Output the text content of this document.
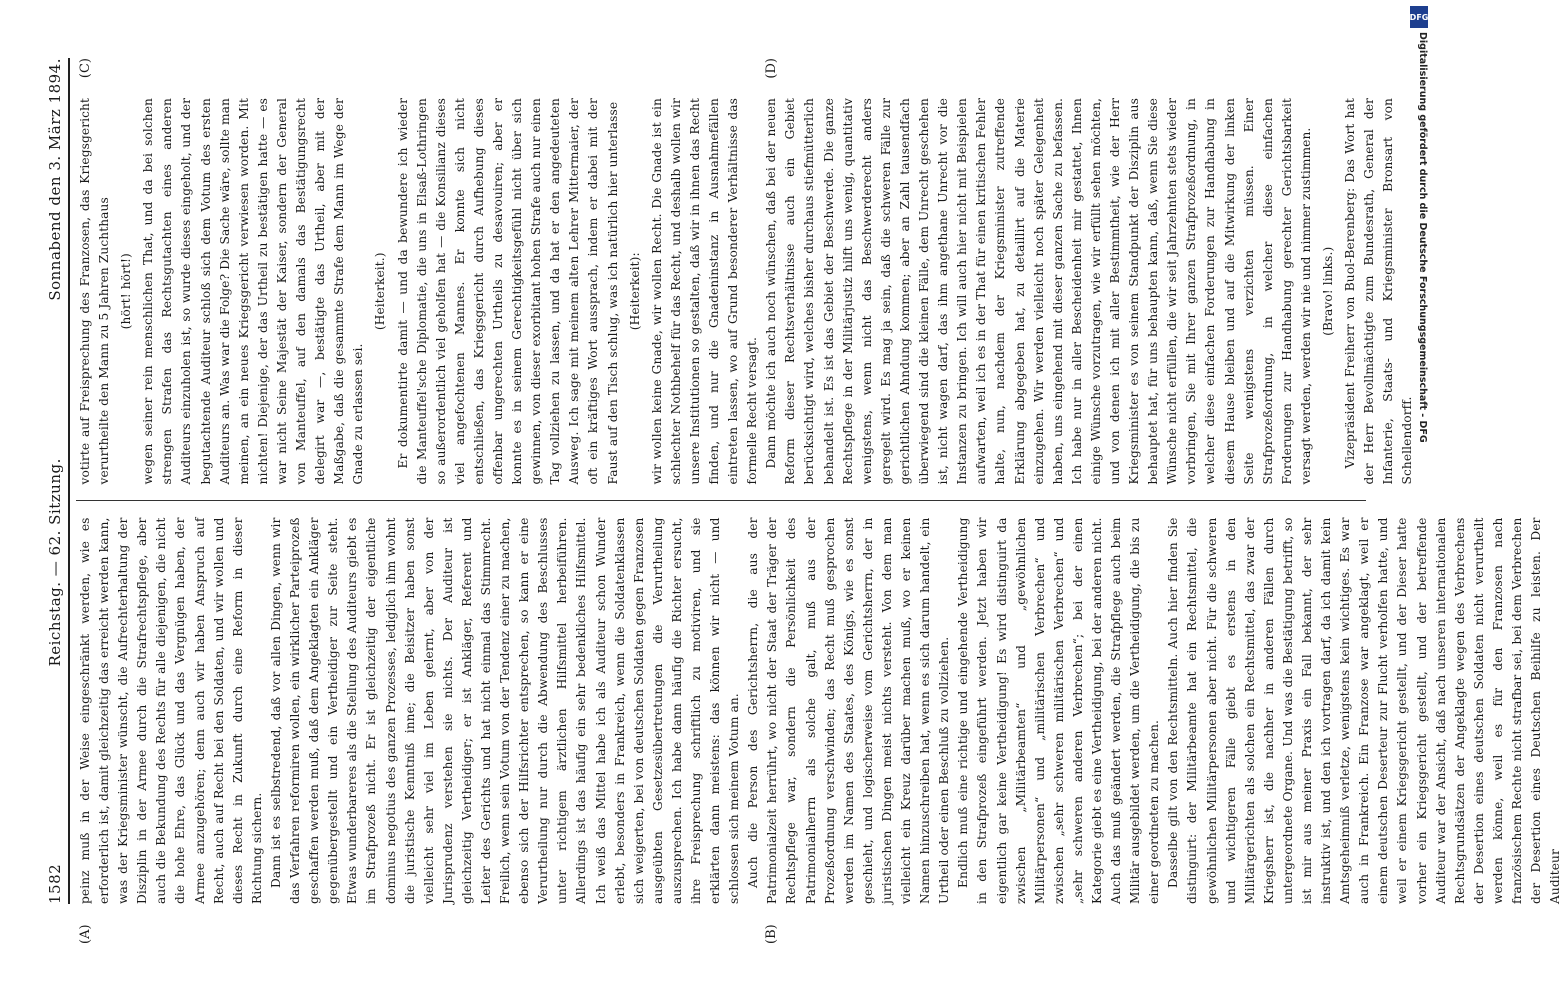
1582
Reichstag. — 62. Sitzung.
Sonnabend den 3. März 1894.
(A)	(B)

peinz muß in der Weise eingeschränkt werden, wie es erforderlich ist, damit gleichzeitig das erreicht werden kann, was der Kriegsminister wünscht, die Aufrechterhaltung der Disziplin in der Armee durch die Strafrechtspflege, aber auch die Bekundung des Rechts für alle diejenigen, die nicht die hohe Ehre, das Glück und das Vergnügen haben, der Armee anzugehören; denn auch wir haben Anspruch auf Recht, auch auf Recht bei den Soldaten, und wir wollen und dieses Recht in Zukunft durch eine Reform in dieser Richtung sichern. Dann ist es selbstredend, daß vor allen Dingen, wenn wir das Verfahren reformiren wollen, ein wirklicher Parteiprozeß geschaffen werden muß, daß dem Angeklagten ein Ankläger gegenübergestellt und ein Vertheidiger zur Seite steht. Etwas wunderbareres als die Stellung des Auditeurs giebt es im Strafprozeß nicht. Er ist gleichzeitig der eigentliche dominus negotius des ganzen Prozesses, lediglich ihm wohnt die juristische Kenntniß inne; die Beisitzer haben sonst vielleicht sehr viel im Leben gelernt, aber von der Jurisprudenz verstehen sie nichts. Der Auditeur ist gleichzeitig Vertheidiger; er ist Ankläger, Referent und Leiter des Gerichts und hat nicht einmal das Stimmrecht. Freilich, wenn sein Votum von der Tendenz einer zu machen, ebenso sich der Hilfsrichter entsprechen, so kann er eine Verurtheilung nur durch die Abwendung des Beschlusses unter richtigem ärztlichen Hilfsmittel herbeiführen. Allerdings ist das häufig ein sehr bedenkliches Hilfsmittel. Ich weiß das Mittel habe ich als Auditeur schon Wunder erlebt, besonders in Frankreich, wenn die Soldatenklassen sich weigerten, bei von deutschen Soldaten gegen Franzosen ausgeübten Gesetzesübertretungen die Verurtheilung auszusprechen. Ich habe dann häufig die Richter ersucht, ihre Freisprechung schriftlich zu motiviren, und sie erklärten dann meistens: das können wir nicht — und schlossen sich meinem Votum an. Auch die Person des Gerichtsherrn, die aus der Patrimonialzeit herrührt, wo nicht der Staat der Träger der Rechtspflege war, sondern die Persönlichkeit des Patrimonialherrn als solche galt, muß aus der Prozeßordnung verschwinden; das Recht muß gesprochen werden im Namen des Staates, des Königs, wie es sonst geschieht, und logischerweise vom Gerichtsherrn, der in juristischen Dingen meist nichts versteht. Von dem man vielleicht ein Kreuz darüber machen muß, wo er keinen Namen hinzuschreiben hat, wenn es sich darum handelt, ein Urtheil oder einen Beschluß zu vollziehen. Endlich muß eine richtige und eingehende Vertheidigung in den Strafprozeß eingeführt werden. Jetzt haben wir eigentlich gar keine Vertheidigung! Es wird distinguirt da zwischen „Militärbeamten“ und „gewöhnlichen Militärpersonen“ und „militärischen Verbrechen“ und zwischen „sehr schweren militärischen Verbrechen“ und „sehr schweren anderen Verbrechen“; bei der einen Kategorie giebt es eine Vertheidigung, bei der anderen nicht. Auch das muß geändert werden, die Strafpflege auch beim Militär ausgebildet werden, um die Vertheidigung, die bis zu einer geordneten zu machen. Dasselbe gilt von den Rechtsmitteln. Auch hier finden Sie distinguirt: der Militärbeamte hat ein Rechtsmittel, die gewöhnlichen Militärpersonen aber nicht. Für die schweren und wichtigeren Fälle giebt es erstens in den Militärgerichten als solchen ein Rechtsmittel, das zwar der Kriegsherr ist, die nachher in anderen Fällen durch untergeordnete Organe. Und was die Bestätigung betrifft, so ist mir aus meiner Praxis ein Fall bekannt, der sehr instruktiv ist, und den ich vortragen darf, da ich damit kein Amtsgeheimniß verletze, wenigstens kein wichtiges. Es war auch in Frankreich. Ein Franzose war angeklagt, weil er einem deutschen Deserteur zur Flucht verholfen hatte, und weil er einem Kriegsgericht gestellt, und der Dieser hatte vorher ein Kriegsgericht gestellt, und der betreffende Auditeur war der Ansicht, daß nach unseren internationalen Rechtsgrundsätzen der Angeklagte wegen des Verbrechens der Desertion eines deutschen Soldaten nicht verurtheilt werden könne, weil es für den Franzosen nach französischem Rechte nicht strafbar sei, bei dem Verbrechen der Desertion eines Deutschen Beihilfe zu leisten. Der Auditeur

votirte auf Freisprechung des Franzosen, das Kriegsgericht verurtheilte den Mann zu 5 Jahren Zuchthaus (hört! hört!) wegen seiner rein menschlichen That, und da bei solchen strengen Strafen das Rechtsgutachten eines anderen Auditeurs einzuholen ist, so wurde dieses eingeholt, und der begutachtende Auditeur schloß sich dem Votum des ersten Auditeurs an. Was war die Folge? Die Sache wäre, sollte man meinen, an ein neues Kriegsgericht verwiesen worden. Mit nichten! Diejenige, der das Urtheil zu bestätigen hatte — es war nicht Seine Majestät der Kaiser, sondern der General von Manteuffel, auf den damals das Bestätigungsrecht delegirt war —, bestätigte das Urtheil, aber mit der Maßgabe, daß die gesammte Strafe dem Mann im Wege der Gnade zu erlassen sei.

(Heiterkeit.) Er dokumentirte damit — und da bewundere ich wieder die Manteuffel'sche Diplomatie, die uns in Elsaß-Lothringen so außerordentlich viel geholfen hat — die Konsilianz dieses viel angefochtenen Mannes. Er konnte sich nicht entschließen, das Kriegsgericht durch Aufhebung dieses offenbar ungerechten Urtheils zu desavouiren; aber er konnte es in seinem Gerechtigkeitsgefühl nicht über sich gewinnen, von dieser exorbitant hohen Strafe auch nur einen Tag vollziehen zu lassen, und da hat er den angedeuteten Ausweg. Ich sage mit meinem alten Lehrer Mittermaier, der oft ein kräftiges Wort aussprach, indem er dabei mit der Faust auf den Tisch schlug, was ich natürlich hier unterlasse (Heiterkeit): wir wollen keine Gnade, wir wollen Recht. Die Gnade ist ein schlechter Nothbehelf für das Recht, und deshalb wollen wir unsere Institutionen so gestalten, daß wir in ihnen das Recht finden, und nur die Gnadeninstanz in Ausnahmefällen eintreten lassen, wo auf Grund besonderer Verhältnisse das formelle Recht versagt. Dann möchte ich auch noch wünschen, daß bei der neuen Reform dieser Rechtsverhältnisse auch ein Gebiet berücksichtigt wird, welches bisher durchaus stiefmütterlich behandelt ist. Es ist das Gebiet der Beschwerde. Die ganze Rechtspflege in der Militärjustiz hilft uns wenig, quantitativ wenigstens, wenn nicht das Beschwerderecht anders geregelt wird. Es mag ja sein, daß die schweren Fälle zur gerichtlichen Ahndung kommen; aber an Zahl tausendfach überwiegend sind die kleinen Fälle, dem Unrecht geschehen ist, nicht wagen darf, das ihm angethane Unrecht vor die Instanzen zu bringen. Ich will auch hier nicht mit Beispielen aufwarten, weil ich es in der That für einen kritischen Fehler halte, nun, nachdem der Kriegsminister zutreffende Erklärung abgegeben hat, zu detaillirt auf die Materie einzugehen. Wir werden vielleicht noch später Gelegenheit haben, uns eingehend mit dieser ganzen Sache zu befassen. Ich habe nur in aller Bescheidenheit mir gestattet, Ihnen einige Wünsche vorzutragen, wie wir erfüllt sehen möchten, und von denen ich mit aller Bestimmtheit, wie der Herr Kriegsminister es von seinem Standpunkt der Disziplin aus behauptet hat, für uns behaupten kann, daß, wenn Sie diese Wünsche nicht erfüllen, die wir seit Jahrzehnten stets wieder vorbringen, Sie mit Ihrer ganzen Strafprozeßordnung, in welcher diese einfachen Forderungen zur Handhabung in diesem Hause bleiben und auf die Mitwirkung der linken Seite wenigstens verzichten müssen. Einer Strafprozeßordnung, in welcher diese einfachen Forderungen zur Handhabung gerechter Gerichtsbarkeit versagt werden, werden wir nie und nimmer zustimmen. (Bravo! links.) Vizepräsident Freiherr von Buol-Berenberg: Das Wort hat der Herr Bevollmächtigte zum Bundesrath, General der Infanterie, Staats- und Kriegsminister Bronsart von Schellendorff.

(C)	(D)
DFG
Digitalisierung gefördert durch die Deutsche Forschungsgemeinschaft - DFG
